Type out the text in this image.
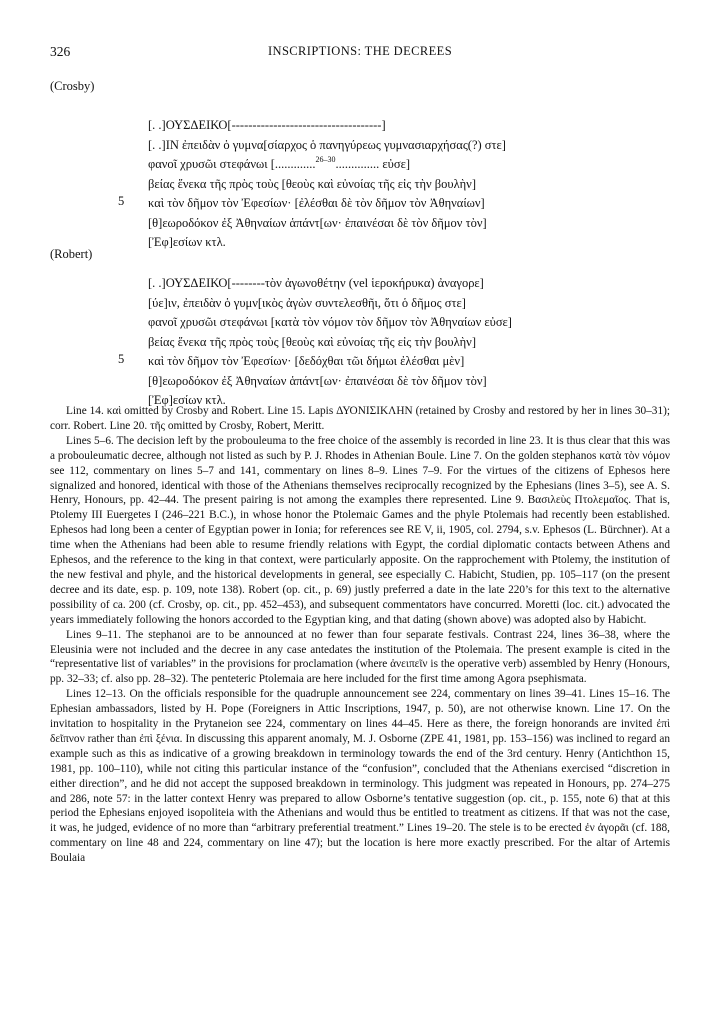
326	INSCRIPTIONS: THE DECREES
(Crosby)
[. .]ΟΥΣΔΕΙΚΟ[------------------------------------]
[. .]ΙΝ ἐπειδὰν ὁ γυμνα[σίαρχος ὁ πανηγύρεως γυμνασιαρχήσας(?) στε]
φανοῖ χρυσῶι στεφάνωι [.............$^{26-30}$.............. εὐσε]
βείας ἕνεκα τῆς πρὸς τοὺς [θεοὺς καὶ εὐνοίας τῆς εἰς τὴν βουλὴν]
καὶ τὸν δῆμον τὸν Ἐφεσίων· [ἐλέσθαι δὲ τὸν δῆμον τὸν Ἀθηναίων]
[θ]εωροδόκον ἐξ Ἀθηναίων ἁπάντ[ων· ἐπαινέσαι δὲ τὸν δῆμον τὸν]
[Ἐφ]εσίων κτλ.
5
(Robert)
[. .]ΟΥΣΔΕΙΚΟ[--------τὸν ἀγωνοθέτην (vel ἱεροκήρυκα) ἀναγορε]
[ύε]ιν, ἐπειδὰν ὁ γυμν[ικὸς ἀγὼν συντελεσθῆι, ὅτι ὁ δῆμος στε]
φανοῖ χρυσῶι στεφάνωι [κατὰ τὸν νόμον τὸν δῆμον τὸν Ἀθηναίων εὐσε]
βείας ἕνεκα τῆς πρὸς τοὺς [θεοὺς καὶ εὐνοίας τῆς εἰς τὴν βουλὴν]
καὶ τὸν δῆμον τὸν Ἐφεσίων· [δεδόχθαι τῶι δήμωι ἐλέσθαι μὲν]
[θ]εωροδόκον ἐξ Ἀθηναίων ἁπάντ[ων· ἐπαινέσαι δὲ τὸν δῆμον τὸν]
[Ἐφ]εσίων κτλ.
5

Line 14. καὶ omitted by Crosby and Robert. Line 15. Lapis ΔΥΟΝΙΣΙΚΛΗΝ (retained by Crosby and restored by her in lines 30–31); corr. Robert. Line 20. τῆς omitted by Crosby, Robert, Meritt.

Lines 5–6. The decision left by the probouleuma to the free choice of the assembly is recorded in line 23. It is thus clear that this was a probouleumatic decree, although not listed as such by P. J. Rhodes in Athenian Boule. Line 7. On the golden stephanos κατὰ τὸν νόμον see 112, commentary on lines 5–7 and 141, commentary on lines 8–9. Lines 7–9. For the virtues of the citizens of Ephesos here signalized and honored, identical with those of the Athenians themselves reciprocally recognized by the Ephesians (lines 3–5), see A. S. Henry, Honours, pp. 42–44. The present pairing is not among the examples there represented. Line 9. Βασιλεὺς Πτολεμαῖος. That is, Ptolemy III Euergetes I (246–221 B.C.), in whose honor the Ptolemaic Games and the phyle Ptolemais had recently been established. Ephesos had long been a center of Egyptian power in Ionia; for references see RE V, ii, 1905, col. 2794, s.v. Ephesos (L. Bürchner). At a time when the Athenians had been able to resume friendly relations with Egypt, the cordial diplomatic contacts between Athens and Ephesos, and the reference to the king in that context, were particularly apposite. On the rapprochement with Ptolemy, the institution of the new festival and phyle, and the historical developments in general, see especially C. Habicht, Studien, pp. 105–117 (on the present decree and its date, esp. p. 109, note 138). Robert (op. cit., p. 69) justly preferred a date in the late 220’s for this text to the alternative possibility of ca. 200 (cf. Crosby, op. cit., pp. 452–453), and subsequent commentators have concurred. Moretti (loc. cit.) advocated the years immediately following the honors accorded to the Egyptian king, and that dating (shown above) was adopted also by Habicht.

Lines 9–11. The stephanoi are to be announced at no fewer than four separate festivals. Contrast 224, lines 36–38, where the Eleusinia were not included and the decree in any case antedates the institution of the Ptolemaia. The present example is cited in the “representative list of variables” in the provisions for proclamation (where ἀνειπεῖν is the operative verb) assembled by Henry (Honours, pp. 32–33; cf. also pp. 28–32). The penteteric Ptolemaia are here included for the first time among Agora psephismata.

Lines 12–13. On the officials responsible for the quadruple announcement see 224, commentary on lines 39–41. Lines 15–16. The Ephesian ambassadors, listed by H. Pope (Foreigners in Attic Inscriptions, 1947, p. 50), are not otherwise known. Line 17. On the invitation to hospitality in the Prytaneion see 224, commentary on lines 44–45. Here as there, the foreign honorands are invited ἐπὶ δεῖπνον rather than ἐπὶ ξένια. In discussing this apparent anomaly, M. J. Osborne (ZPE 41, 1981, pp. 153–156) was inclined to regard an example such as this as indicative of a growing breakdown in terminology towards the end of the 3rd century. Henry (Antichthon 15, 1981, pp. 100–110), while not citing this particular instance of the “confusion”, concluded that the Athenians exercised “discretion in either direction”, and he did not accept the supposed breakdown in terminology. This judgment was repeated in Honours, pp. 274–275 and 286, note 57: in the latter context Henry was prepared to allow Osborne’s tentative suggestion (op. cit., p. 155, note 6) that at this period the Ephesians enjoyed isopoliteia with the Athenians and would thus be entitled to treatment as citizens. If that was not the case, it was, he judged, evidence of no more than “arbitrary preferential treatment.” Lines 19–20. The stele is to be erected ἐν ἀγορᾶι (cf. 188, commentary on line 48 and 224, commentary on line 47); but the location is here more exactly prescribed. For the altar of Artemis Boulaia
